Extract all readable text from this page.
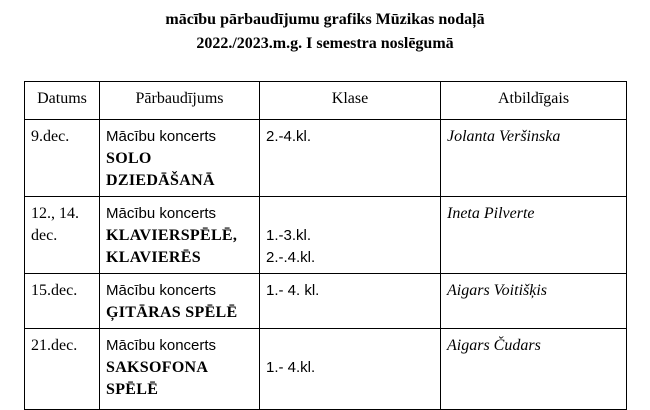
mācību pārbaudījumu grafiks Mūzikas nodaļā
2022./2023.m.g. I semestra noslēgumā
Datums	Pārbaudījums	Klase	Atbildīgais

9.dec.	Mācību koncerts
SOLO
DZIEDĀŠANĀ	2.-4.kl.	Jolanta Veršinska

12., 14.
dec.	Mācību koncerts
KLAVIERSPĒLĒ,
KLAVIERĒS	1.-3.kl.
2.-.4.kl.	Ineta Pilverte

15.dec.	Mācību koncerts
ĢITĀRAS SPĒLĒ	1.- 4. kl.	Aigars Voitišķis

21.dec.	Mācību koncerts
SAKSOFONA
SPĒLĒ	1.- 4.kl.	Aigars Čudars
